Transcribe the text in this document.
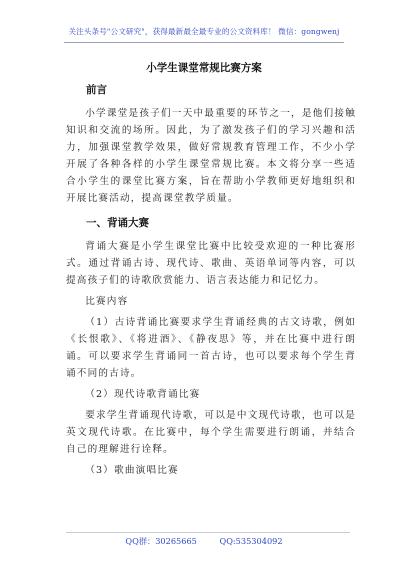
关注头条号"公文研究"，获得最新最全最专业的公文资料库！ 微信：gongwenj
小学生课堂常规比赛方案
前言

小学课堂是孩子们一天中最重要的环节之一，是他们接触知识和交流的场所。因此，为了激发孩子们的学习兴趣和活力，加强课堂教学效果，做好常规教育管理工作，不少小学开展了各种各样的小学生课堂常规比赛。本文将分享一些适合小学生的课堂比赛方案，旨在帮助小学教师更好地组织和开展比赛活动，提高课堂教学质量。

一、背诵大赛

背诵大赛是小学生课堂比赛中比较受欢迎的一种比赛形式。通过背诵古诗、现代诗、歌曲、英语单词等内容，可以提高孩子们的诗歌欣赏能力、语言表达能力和记忆力。

比赛内容

（1）古诗背诵比赛要求学生背诵经典的古文诗歌，例如《长恨歌》、《将进酒》、《静夜思》等，并在比赛中进行朗诵。可以要求学生背诵同一首古诗，也可以要求每个学生背诵不同的古诗。

（2）现代诗歌背诵比赛

要求学生背诵现代诗歌，可以是中文现代诗歌，也可以是英文现代诗歌。在比赛中，每个学生需要进行朗诵，并结合自己的理解进行诠释。

（3）歌曲演唱比赛

QQ群：30265665	QQ:535304092
